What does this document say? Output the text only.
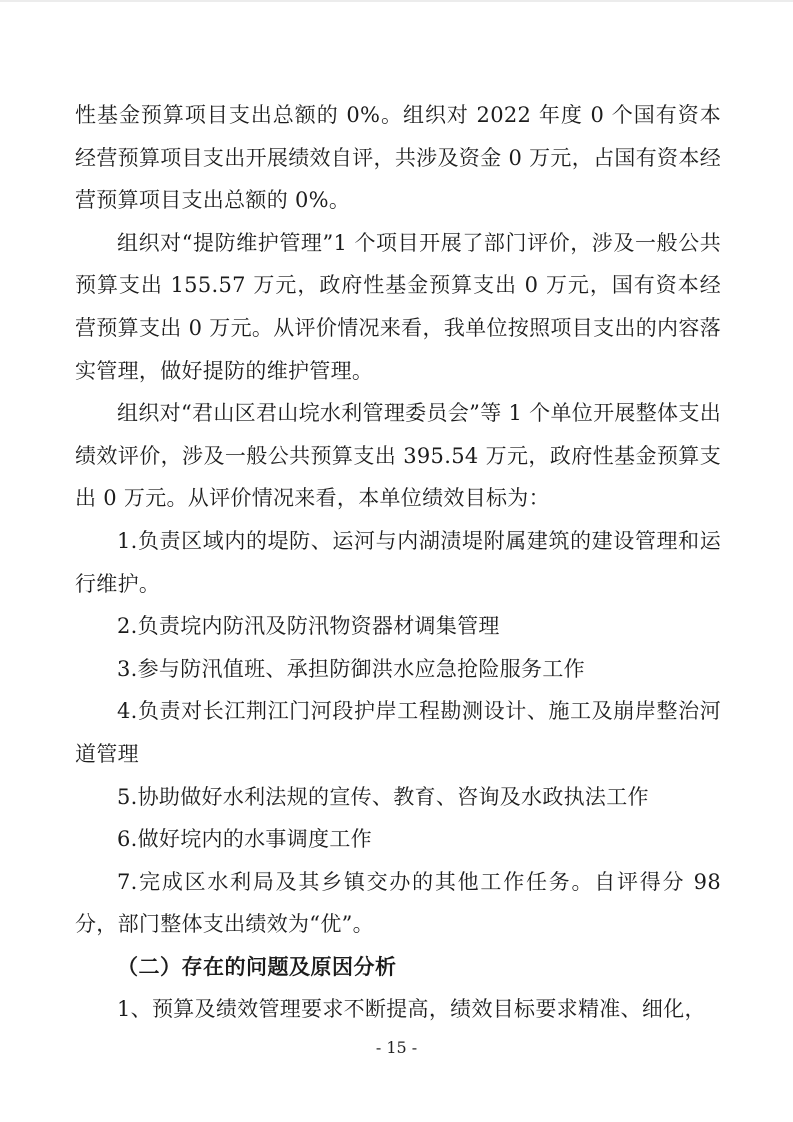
性基金预算项目支出总额的 0%。组织对 2022 年度 0 个国有资本经营预算项目支出开展绩效自评，共涉及资金 0 万元，占国有资本经营预算项目支出总额的 0%。

组织对“提防维护管理”1 个项目开展了部门评价，涉及一般公共预算支出 155.57 万元，政府性基金预算支出 0 万元，国有资本经营预算支出 0 万元。从评价情况来看，我单位按照项目支出的内容落实管理，做好提防的维护管理。

组织对“君山区君山垸水利管理委员会”等 1 个单位开展整体支出绩效评价，涉及一般公共预算支出 395.54 万元，政府性基金预算支出 0 万元。从评价情况来看，本单位绩效目标为：

1.负责区域内的堤防、运河与内湖渍堤附属建筑的建设管理和运行维护。

2.负责垸内防汛及防汛物资器材调集管理

3.参与防汛值班、承担防御洪水应急抢险服务工作

4.负责对长江荆江门河段护岸工程勘测设计、施工及崩岸整治河道管理

5.协助做好水利法规的宣传、教育、咨询及水政执法工作

6.做好垸内的水事调度工作

7.完成区水利局及其乡镇交办的其他工作任务。自评得分 98 分，部门整体支出绩效为“优”。

（二）存在的问题及原因分析

1、预算及绩效管理要求不断提高，绩效目标要求精准、细化，

- 15 -
